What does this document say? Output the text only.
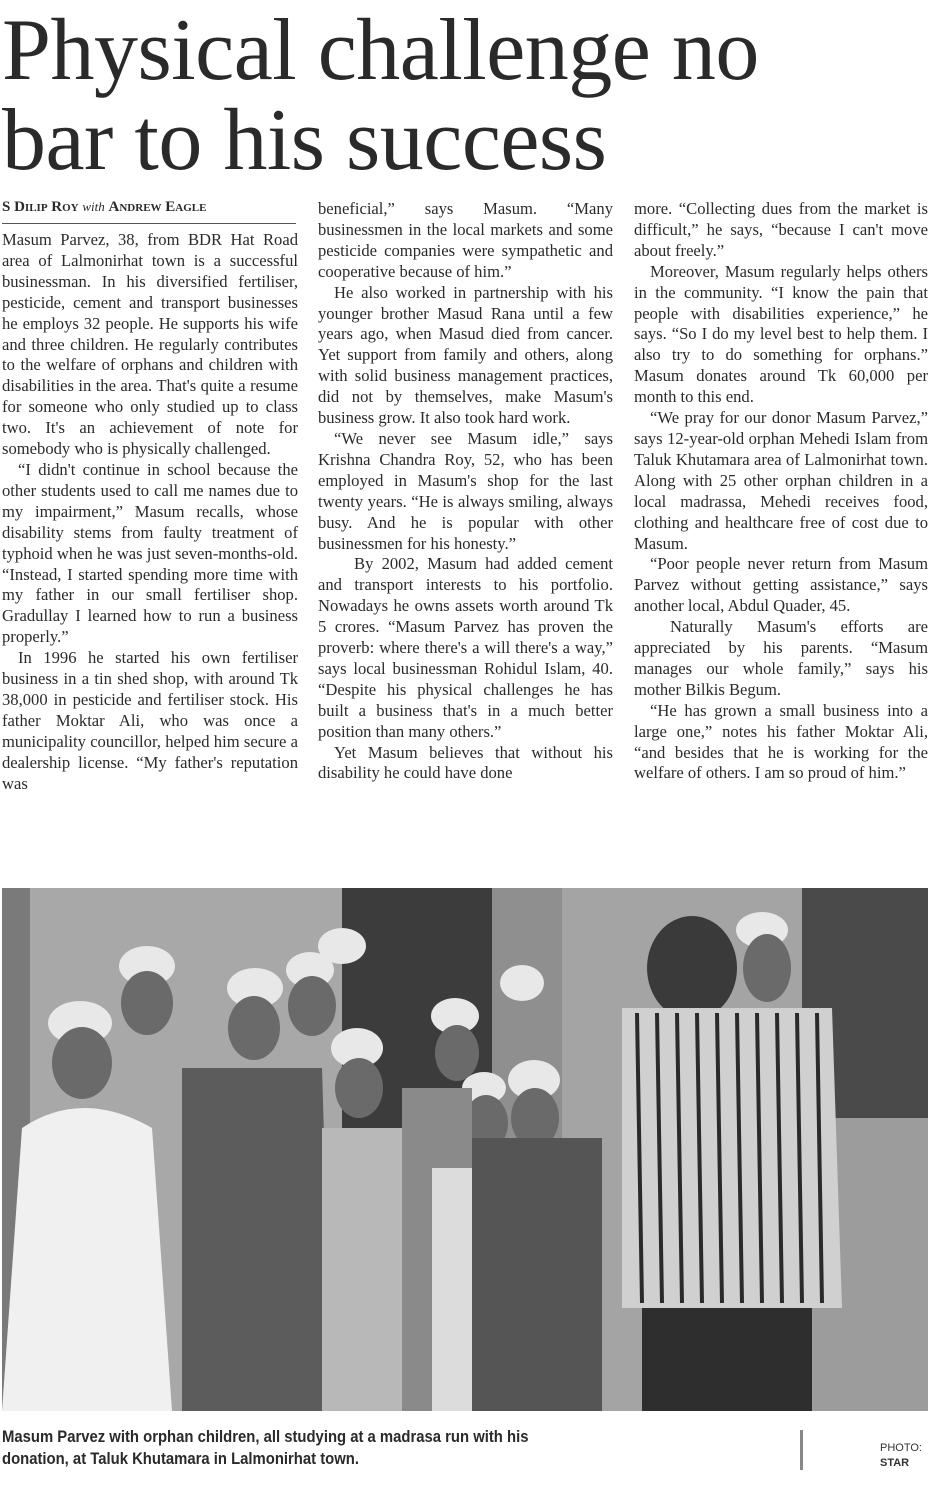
Physical challenge no
bar to his success
S Dilip Roy with Andrew Eagle

Masum Parvez, 38, from BDR Hat Road area of Lalmonirhat town is a successful businessman. In his diversified fertiliser, pesticide, cement and transport businesses he employs 32 people. He supports his wife and three children. He regularly contributes to the welfare of orphans and children with disabilities in the area. That's quite a resume for someone who only studied up to class two. It's an achievement of note for somebody who is physically challenged.

“I didn't continue in school because the other students used to call me names due to my impairment,” Masum recalls, whose disability stems from faulty treatment of typhoid when he was just seven-months-old. “Instead, I started spending more time with my father in our small fertiliser shop. Gradullay I learned how to run a business properly.”

In 1996 he started his own fertiliser business in a tin shed shop, with around Tk 38,000 in pesticide and fertiliser stock. His father Moktar Ali, who was once a municipality councillor, helped him secure a dealership license. “My father's reputation was

beneficial,” says Masum. “Many businessmen in the local markets and some pesticide companies were sympathetic and cooperative because of him.”

He also worked in partnership with his younger brother Masud Rana until a few years ago, when Masud died from cancer. Yet support from family and others, along with solid business management practices, did not by themselves, make Masum's business grow. It also took hard work.

“We never see Masum idle,” says Krishna Chandra Roy, 52, who has been employed in Masum's shop for the last twenty years. “He is always smiling, always busy. And he is popular with other businessmen for his honesty.”

By 2002, Masum had added cement and transport interests to his portfolio. Nowadays he owns assets worth around Tk 5 crores. “Masum Parvez has proven the proverb: where there's a will there's a way,” says local businessman Rohidul Islam, 40. “Despite his physical challenges he has built a business that's in a much better position than many others.”

Yet Masum believes that without his disability he could have done

more. “Collecting dues from the market is difficult,” he says, “because I can't move about freely.”

Moreover, Masum regularly helps others in the community. “I know the pain that people with disabilities experience,” he says. “So I do my level best to help them. I also try to do something for orphans.” Masum donates around Tk 60,000 per month to this end.

“We pray for our donor Masum Parvez,” says 12-year-old orphan Mehedi Islam from Taluk Khutamara area of Lalmonirhat town. Along with 25 other orphan children in a local madrassa, Mehedi receives food, clothing and healthcare free of cost due to Masum.

“Poor people never return from Masum Parvez without getting assistance,” says another local, Abdul Quader, 45.

Naturally Masum's efforts are appreciated by his parents. “Masum manages our whole family,” says his mother Bilkis Begum.

“He has grown a small business into a large one,” notes his father Moktar Ali, “and besides that he is working for the welfare of others. I am so proud of him.”

Masum Parvez with orphan children, all studying at a madrasa run with his donation, at Taluk Khutamara in Lalmonirhat town.
PHOTO:
STAR
